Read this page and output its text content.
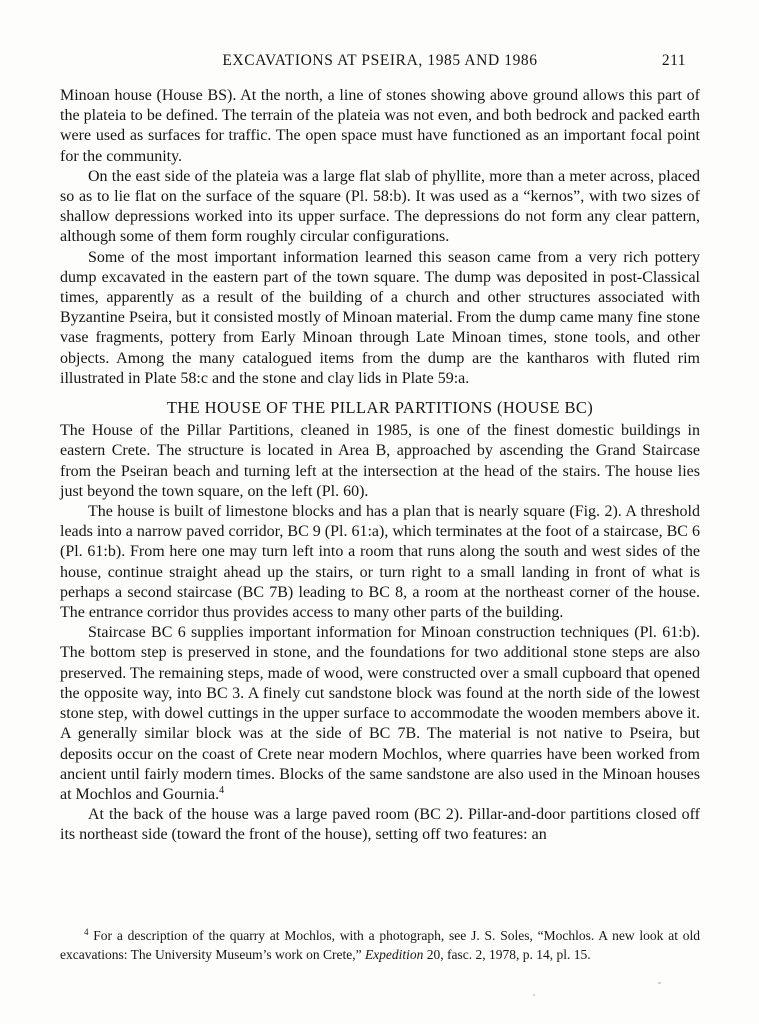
EXCAVATIONS AT PSEIRA, 1985 AND 1986	211

Minoan house (House BS). At the north, a line of stones showing above ground allows this part of the plateia to be defined. The terrain of the plateia was not even, and both bedrock and packed earth were used as surfaces for traffic. The open space must have functioned as an important focal point for the community.

On the east side of the plateia was a large flat slab of phyllite, more than a meter across, placed so as to lie flat on the surface of the square (Pl. 58:b). It was used as a “kernos”, with two sizes of shallow depressions worked into its upper surface. The depressions do not form any clear pattern, although some of them form roughly circular configurations.

Some of the most important information learned this season came from a very rich pottery dump excavated in the eastern part of the town square. The dump was deposited in post-Classical times, apparently as a result of the building of a church and other structures associated with Byzantine Pseira, but it consisted mostly of Minoan material. From the dump came many fine stone vase fragments, pottery from Early Minoan through Late Minoan times, stone tools, and other objects. Among the many catalogued items from the dump are the kantharos with fluted rim illustrated in Plate 58:c and the stone and clay lids in Plate 59:a.

THE HOUSE OF THE PILLAR PARTITIONS (HOUSE BC)

The House of the Pillar Partitions, cleaned in 1985, is one of the finest domestic buildings in eastern Crete. The structure is located in Area B, approached by ascending the Grand Staircase from the Pseiran beach and turning left at the intersection at the head of the stairs. The house lies just beyond the town square, on the left (Pl. 60).

The house is built of limestone blocks and has a plan that is nearly square (Fig. 2). A threshold leads into a narrow paved corridor, BC 9 (Pl. 61:a), which terminates at the foot of a staircase, BC 6 (Pl. 61:b). From here one may turn left into a room that runs along the south and west sides of the house, continue straight ahead up the stairs, or turn right to a small landing in front of what is perhaps a second staircase (BC 7B) leading to BC 8, a room at the northeast corner of the house. The entrance corridor thus provides access to many other parts of the building.

Staircase BC 6 supplies important information for Minoan construction techniques (Pl. 61:b). The bottom step is preserved in stone, and the foundations for two additional stone steps are also preserved. The remaining steps, made of wood, were constructed over a small cupboard that opened the opposite way, into BC 3. A finely cut sandstone block was found at the north side of the lowest stone step, with dowel cuttings in the upper surface to accommodate the wooden members above it. A generally similar block was at the side of BC 7B. The material is not native to Pseira, but deposits occur on the coast of Crete near modern Mochlos, where quarries have been worked from ancient until fairly modern times. Blocks of the same sandstone are also used in the Minoan houses at Mochlos and Gournia.$^4$

At the back of the house was a large paved room (BC 2). Pillar-and-door partitions closed off its northeast side (toward the front of the house), setting off two features: an

$^4$ For a description of the quarry at Mochlos, with a photograph, see J. S. Soles, “Mochlos. A new look at old excavations: The University Museum’s work on Crete,” Expedition 20, fasc. 2, 1978, p. 14, pl. 15.
